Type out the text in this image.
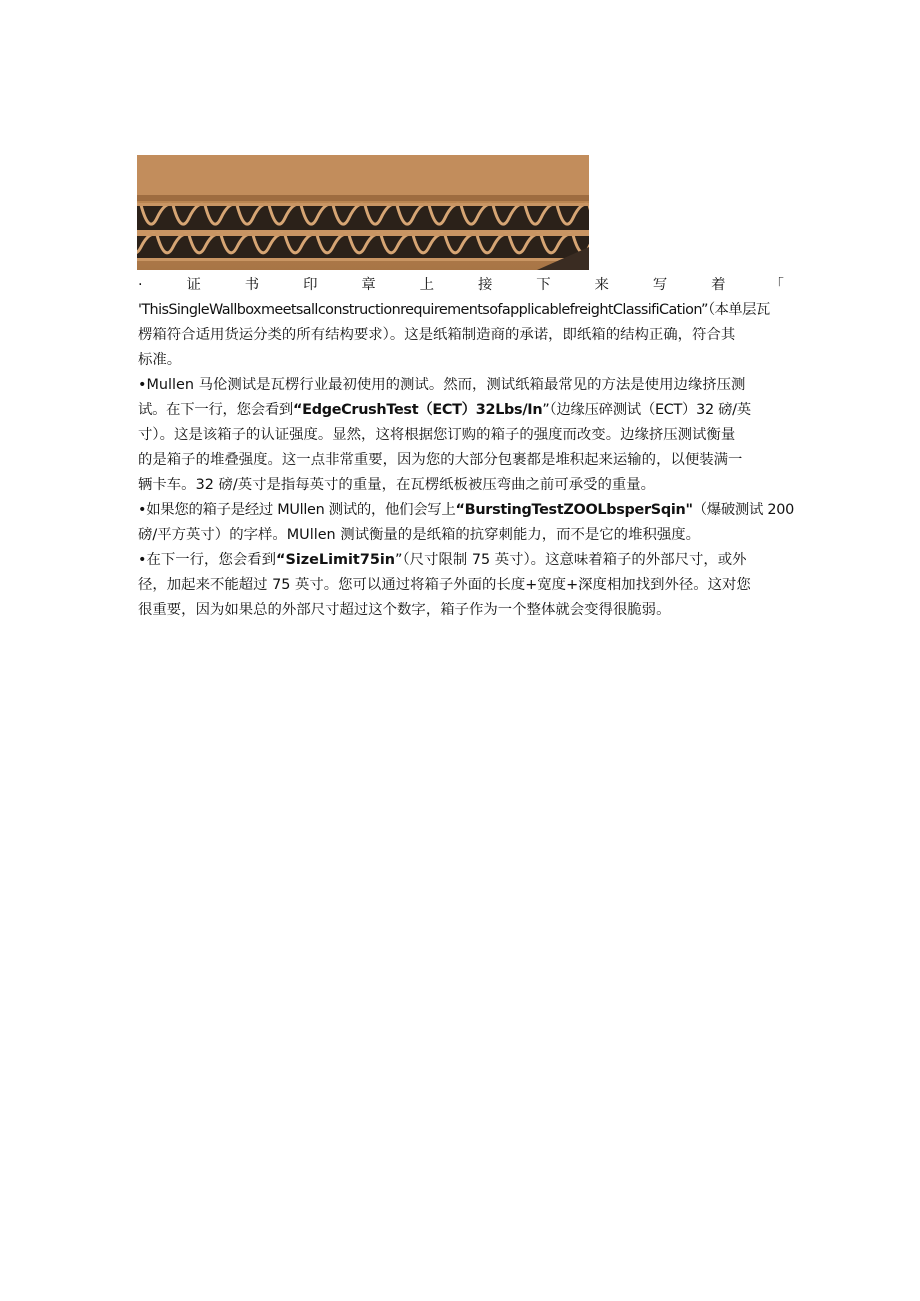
·	证	书	印	章	上	接	下	来	写	着	「
'ThisSingleWallboxmeetsallconstructionrequirementsofapplicablefreightClassifiCation”（本单层瓦
楞箱符合适用货运分类的所有结构要求）。这是纸箱制造商的承诺，即纸箱的结构正确，符合其
标准。
•Mullen 马伦测试是瓦楞行业最初使用的测试。然而，测试纸箱最常见的方法是使用边缘挤压测
试。在下一行，您会看到“EdgeCrushTest（ECT）32Lbs/In”（边缘压碎测试（ECT）32 磅/英
寸）。这是该箱子的认证强度。显然，这将根据您订购的箱子的强度而改变。边缘挤压测试衡量
的是箱子的堆叠强度。这一点非常重要，因为您的大部分包裹都是堆积起来运输的，以便装满一
辆卡车。32 磅/英寸是指每英寸的重量，在瓦楞纸板被压弯曲之前可承受的重量。
•如果您的箱子是经过 MUllen 测试的，他们会写上“BurstingTestZOOLbsperSqin"（爆破测试 200
磅/平方英寸）的字样。MUllen 测试衡量的是纸箱的抗穿刺能力，而不是它的堆积强度。
•在下一行，您会看到“SizeLimit75in”（尺寸限制 75 英寸）。这意味着箱子的外部尺寸，或外
径，加起来不能超过 75 英寸。您可以通过将箱子外面的长度+宽度+深度相加找到外径。这对您
很重要，因为如果总的外部尺寸超过这个数字，箱子作为一个整体就会变得很脆弱。
